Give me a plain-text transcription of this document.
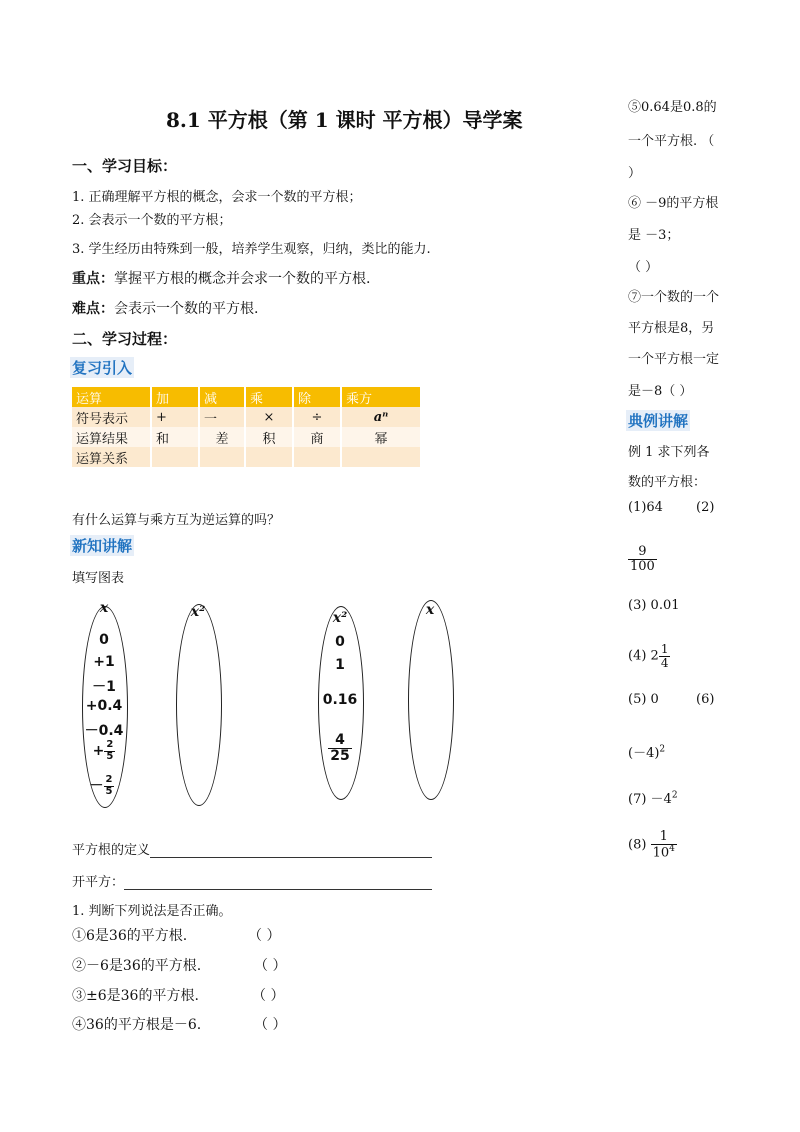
8.1 平方根（第 1 课时 平方根）导学案
一、学习目标：
1. 正确理解平方根的概念，会求一个数的平方根；
2. 会表示一个数的平方根；
3. 学生经历由特殊到一般，培养学生观察，归纳，类比的能力.
重点：掌握平方根的概念并会求一个数的平方根.
难点：会表示一个数的平方根.
二、学习过程：
复习引入
运算	加	减	乘	除	乘方
符号表示	+	一	×	÷	aⁿ
运算结果	和	差	积	商	幂
运算关系					
有什么运算与乘方互为逆运算的吗？
新知讲解
填写图表
x
0
+1
－1
+0.4
－0.4
+ $\frac{2}{5}$
－ $\frac{2}{5}$
x²	x²
0
1
0.16
$\frac{4}{25}$
x
平方根的定义
开平方：
1. 判断下列说法是否正确。
①6是36的平方根.	（ ）
②－6是36的平方根.	（ ）
③±6是36的平方根.	（ ）
④36的平方根是－6.	（ ）
⑤0.64是0.8的
一个平方根. （
）
⑥ －9的平方根
是 －3；
（ ）
⑦一个数的一个
平方根是8，另
一个平方根一定
是－8（ ）
典例讲解
例 1 求下列各
数的平方根：
(1)64	(2)
$\frac{9}{100}$
(3) 0.01
(4) $2 \frac{1}{4}$
(5) 0	(6)
$(-4)^2$
$(7) -4^2$
$(8) \frac{1}{10^4}$
